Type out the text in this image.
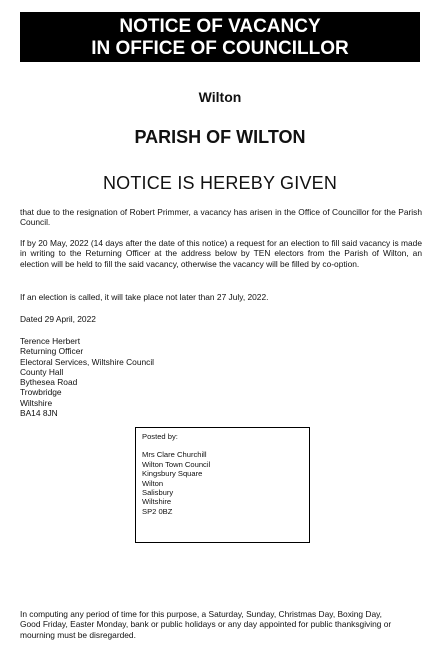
NOTICE OF VACANCY
IN OFFICE OF COUNCILLOR
Wilton
PARISH OF WILTON
NOTICE IS HEREBY GIVEN
that due to the resignation of Robert Primmer, a vacancy has arisen in the Office of Councillor for the Parish Council.
If by 20 May, 2022 (14 days after the date of this notice) a request for an election to fill said vacancy is made in writing to the Returning Officer at the address below by TEN electors from the Parish of Wilton, an election will be held to fill the said vacancy, otherwise the vacancy will be filled by co-option.
If an election is called, it will take place not later than 27 July, 2022.
Dated 29 April, 2022
Terence Herbert
Returning Officer
Electoral Services, Wiltshire Council
County Hall
Bythesea Road
Trowbridge
Wiltshire
BA14 8JN
Posted by:
Mrs Clare Churchill
Wilton Town Council
Kingsbury Square
Wilton
Salisbury
Wiltshire
SP2 0BZ
In computing any period of time for this purpose, a Saturday, Sunday, Christmas Day, Boxing Day, Good Friday, Easter Monday, bank or public holidays or any day appointed for public thanksgiving or mourning must be disregarded.
